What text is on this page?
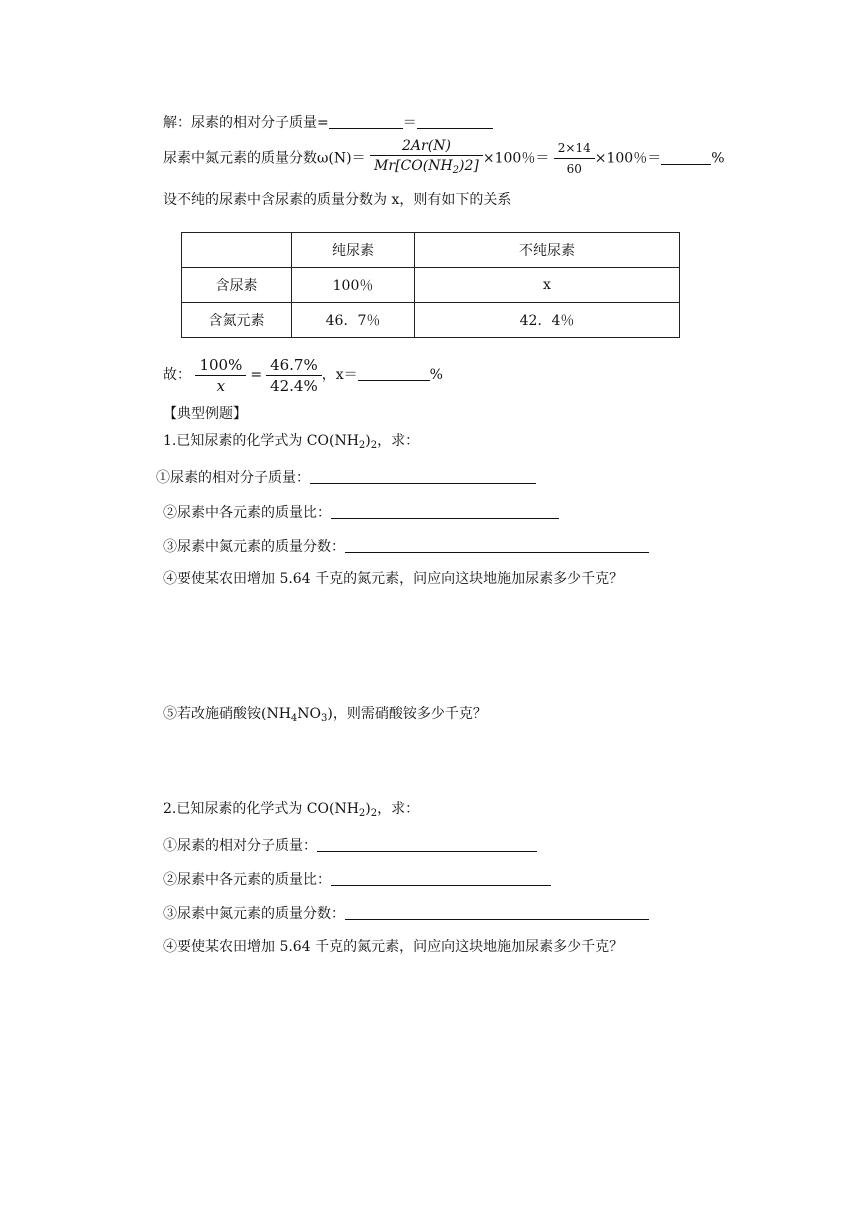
解：尿素的相对分子质量=	＝
尿素中氮元素的质量分数$\omega(N)= \frac{2Ar(N)}{Mr[CO(NH_2)2]} \times 100$％＝ $\frac{2\times 14}{60} \times 100$％＝	%
设不纯的尿素中含尿素的质量分数为 x，则有如下的关系
	纯尿素	不纯尿素
含尿素	100％	x
含氮元素	46．7％	42．4％
故： $\frac{100\%}{x} = \frac{46.7\%}{42.4\%}$ ，x＝	%
【典型例题】
1.已知尿素的化学式为 $CO(NH_2)_2$，求：
①尿素的相对分子质量：
②尿素中各元素的质量比：
③尿素中氮元素的质量分数：
④要使某农田增加 5.64 千克的氮元素，问应向这块地施加尿素多少千克？
⑤若改施硝酸铵$(NH_4NO_3)$，则需硝酸铵多少千克？
2.已知尿素的化学式为 $CO(NH_2)_2$，求：
①尿素的相对分子质量：
②尿素中各元素的质量比：
③尿素中氮元素的质量分数：
④要使某农田增加 5.64 千克的氮元素，问应向这块地施加尿素多少千克？
